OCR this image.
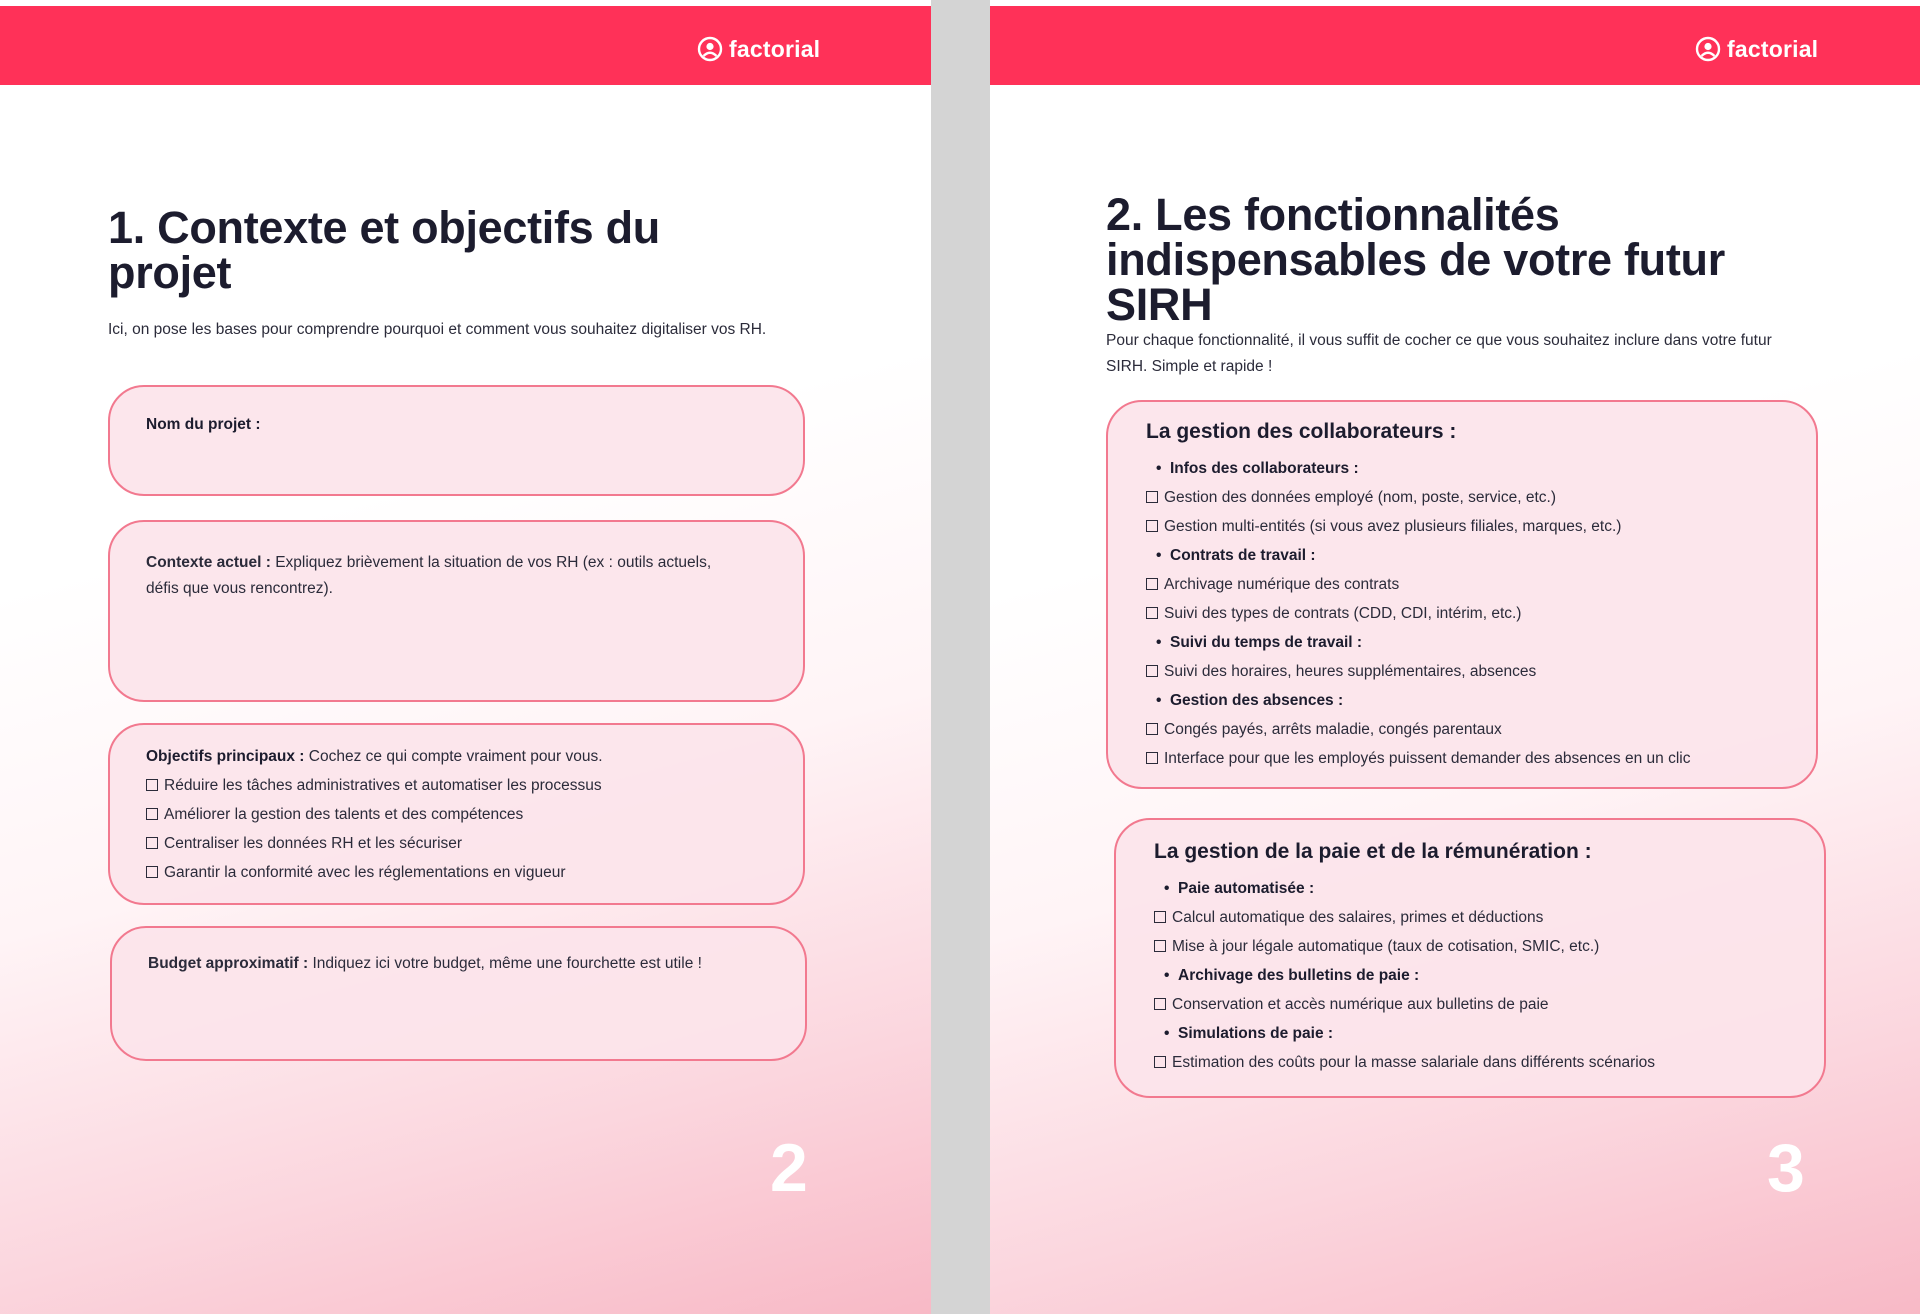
factorial
1. Contexte et objectifs du projet

Ici, on pose les bases pour comprendre pourquoi et comment vous souhaitez digitaliser vos RH.

Nom du projet :
Contexte actuel : Expliquez brièvement la situation de vos RH (ex : outils actuels, défis que vous rencontrez).
Objectifs principaux : Cochez ce qui compte vraiment pour vous.
Réduire les tâches administratives et automatiser les processus
Améliorer la gestion des talents et des compétences
Centraliser les données RH et les sécuriser
Garantir la conformité avec les réglementations en vigueur
Budget approximatif : Indiquez ici votre budget, même une fourchette est utile !
2
factorial
2. Les fonctionnalités indispensables de votre futur SIRH

Pour chaque fonctionnalité, il vous suffit de cocher ce que vous souhaitez inclure dans votre futur SIRH. Simple et rapide !

La gestion des collaborateurs :
• Infos des collaborateurs :
Gestion des données employé (nom, poste, service, etc.)
Gestion multi-entités (si vous avez plusieurs filiales, marques, etc.)
• Contrats de travail :
Archivage numérique des contrats
Suivi des types de contrats (CDD, CDI, intérim, etc.)
• Suivi du temps de travail :
Suivi des horaires, heures supplémentaires, absences
• Gestion des absences :
Congés payés, arrêts maladie, congés parentaux
Interface pour que les employés puissent demander des absences en un clic
La gestion de la paie et de la rémunération :
• Paie automatisée :
Calcul automatique des salaires, primes et déductions
Mise à jour légale automatique (taux de cotisation, SMIC, etc.)
• Archivage des bulletins de paie :
Conservation et accès numérique aux bulletins de paie
• Simulations de paie :
Estimation des coûts pour la masse salariale dans différents scénarios
3
